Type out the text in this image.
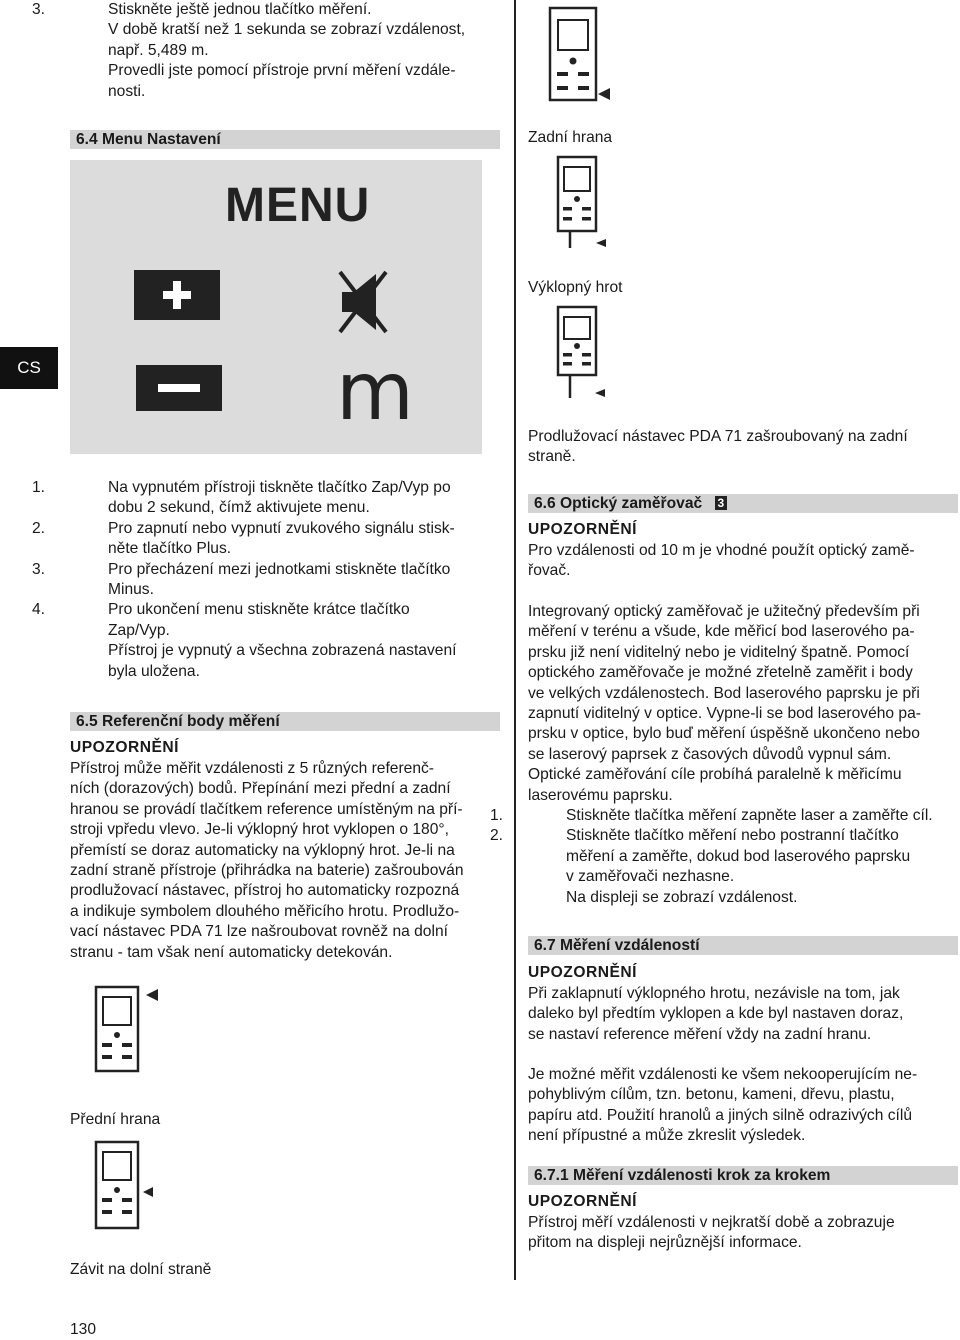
CS

3.	Stiskněte ještě jednou tlačítko měření.

V době kratší než 1 sekunda se zobrazí vzdálenost,

např. 5,489 m.

Provedli jste pomocí přístroje první měření vzdále-

nosti.

6.4 Menu Nastavení
MENU
m

1.	Na vypnutém přístroji tiskněte tlačítko Zap/Vyp po

dobu 2 sekund, čímž aktivujete menu.

2.	Pro zapnutí nebo vypnutí zvukového signálu stisk-

něte tlačítko Plus.

3.	Pro přecházení mezi jednotkami stiskněte tlačítko

Minus.

4.	Pro ukončení menu stiskněte krátce tlačítko

Zap/Vyp.

Přístroj je vypnutý a všechna zobrazená nastavení

byla uložena.

6.5 Referenční body měření
UPOZORNĚNÍ

Přístroj může měřit vzdálenosti z 5 různých referenč-

ních (dorazových) bodů. Přepínání mezi přední a zadní

hranou se provádí tlačítkem reference umístěným na pří-

stroji vpředu vlevo. Je-li výklopný hrot vyklopen o 180°,

přemístí se doraz automaticky na výklopný hrot. Je-li na

zadní straně přístroje (přihrádka na baterie) zašroubován

prodlužovací nástavec, přístroj ho automaticky rozpozná

a indikuje symbolem dlouhého měřicího hrotu. Prodlužo-

vací nástavec PDA 71 lze našroubovat rovněž na dolní

stranu - tam však není automaticky detekován.

Přední hrana
Závit na dolní straně
130
Zadní hrana
Výklopný hrot

Prodlužovací nástavec PDA 71 zašroubovaný na zadní

straně.

6.6 Optický zaměřovač 3
UPOZORNĚNÍ

Pro vzdálenosti od 10 m je vhodné použít optický zamě-

řovač.

Integrovaný optický zaměřovač je užitečný především při

měření v terénu a všude, kde měřicí bod laserového pa-

prsku již není viditelný nebo je viditelný špatně. Pomocí

optického zaměřovače je možné zřetelně zaměřit i body

ve velkých vzdálenostech. Bod laserového paprsku je při

zapnutí viditelný v optice. Vypne-li se bod laserového pa-

prsku v optice, bylo buď měření úspěšně ukončeno nebo

se laserový paprsek z časových důvodů vypnul sám.

Optické zaměřování cíle probíhá paralelně k měřicímu

laserovému paprsku.

1.	Stiskněte tlačítka měření zapněte laser a zaměřte cíl.

2.	Stiskněte tlačítko měření nebo postranní tlačítko

měření a zaměřte, dokud bod laserového paprsku

v zaměřovači nezhasne.

Na displeji se zobrazí vzdálenost.

6.7 Měření vzdáleností
UPOZORNĚNÍ

Při zaklapnutí výklopného hrotu, nezávisle na tom, jak

daleko byl předtím vyklopen a kde byl nastaven doraz,

se nastaví reference měření vždy na zadní hranu.

Je možné měřit vzdálenosti ke všem nekooperujícím ne-

pohyblivým cílům, tzn. betonu, kameni, dřevu, plastu,

papíru atd. Použití hranolů a jiných silně odrazivých cílů

není přípustné a může zkreslit výsledek.

6.7.1 Měření vzdálenosti krok za krokem
UPOZORNĚNÍ

Přístroj měří vzdálenosti v nejkratší době a zobrazuje

přitom na displeji nejrůznější informace.
